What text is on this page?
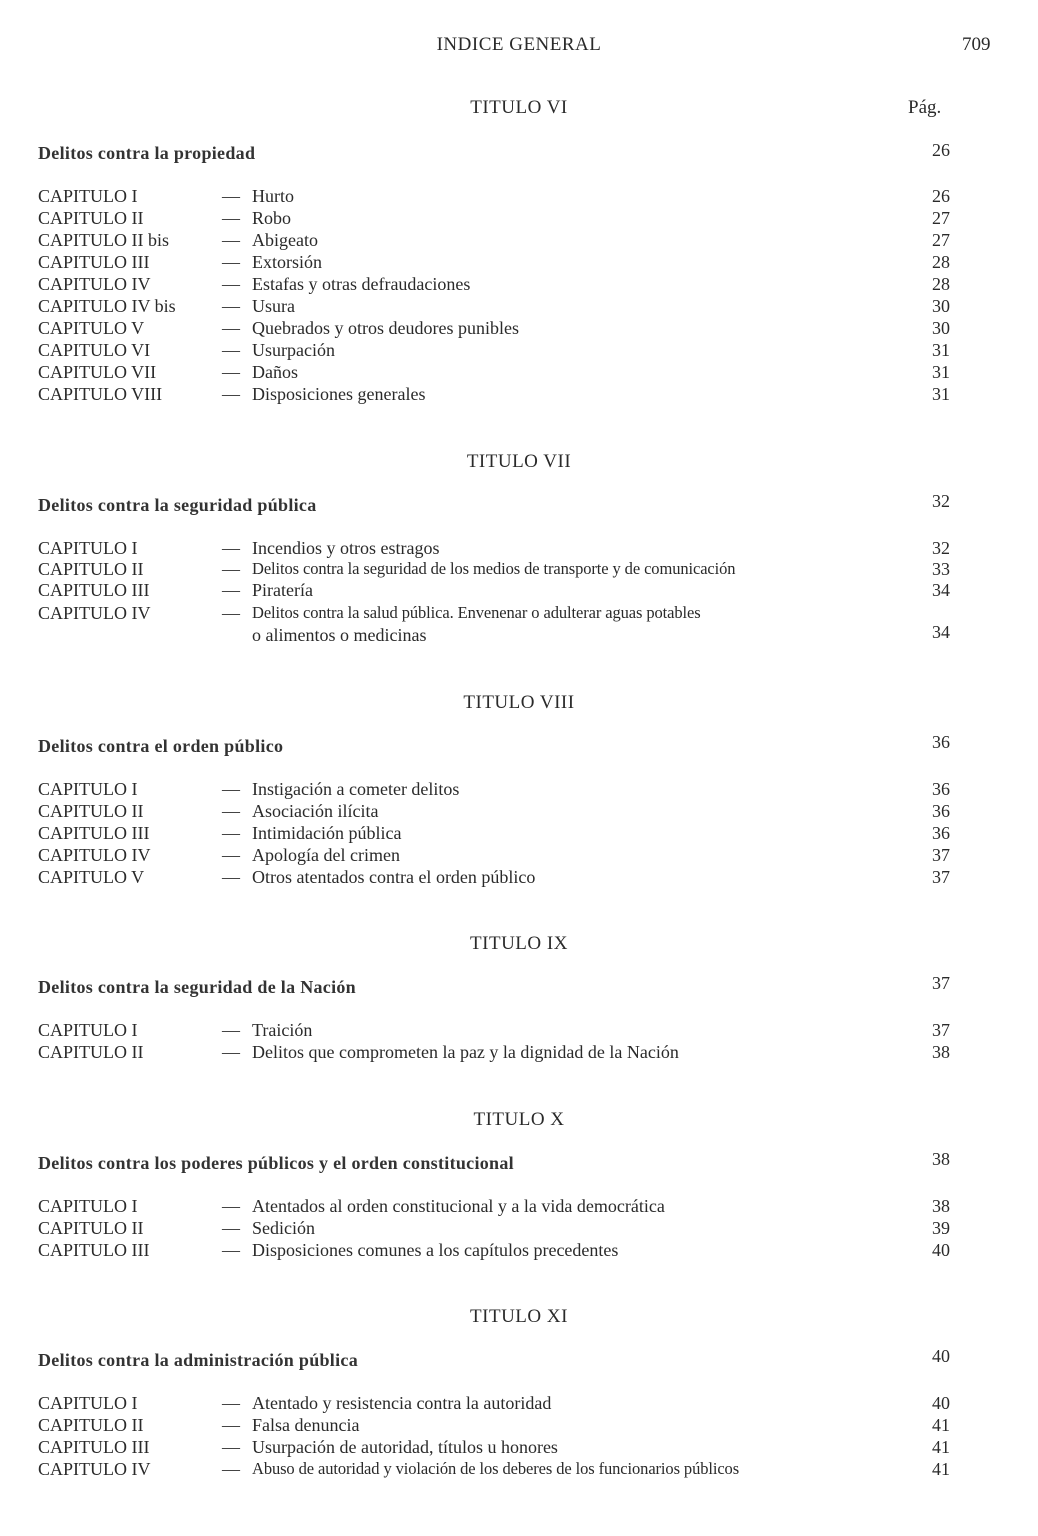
INDICE GENERAL	709
Pág.
TITULO VI
Delitos contra la propiedad	26
CAPITULO I	— Hurto	26
CAPITULO II	— Robo	27
CAPITULO II bis	— Abigeato	27
CAPITULO III	— Extorsión	28
CAPITULO IV	— Estafas y otras defraudaciones	28
CAPITULO IV bis	— Usura	30
CAPITULO V	— Quebrados y otros deudores punibles	30
CAPITULO VI	— Usurpación	31
CAPITULO VII	— Daños	31
CAPITULO VIII	— Disposiciones generales	31
TITULO VII
Delitos contra la seguridad pública	32
CAPITULO I	— Incendios y otros estragos	32
CAPITULO II	— Delitos contra la seguridad de los medios de transporte y de comunicación	33
CAPITULO III	— Piratería	34
CAPITULO IV	— Delitos contra la salud pública. Envenenar o adulterar aguas potables
o alimentos o medicinas	34
TITULO VIII
Delitos contra el orden público	36
CAPITULO I	— Instigación a cometer delitos	36
CAPITULO II	— Asociación ilícita	36
CAPITULO III	— Intimidación pública	36
CAPITULO IV	— Apología del crimen	37
CAPITULO V	— Otros atentados contra el orden público	37
TITULO IX
Delitos contra la seguridad de la Nación	37
CAPITULO I	— Traición	37
CAPITULO II	— Delitos que comprometen la paz y la dignidad de la Nación	38
TITULO X
Delitos contra los poderes públicos y el orden constitucional	38
CAPITULO I	— Atentados al orden constitucional y a la vida democrática	38
CAPITULO II	— Sedición	39
CAPITULO III	— Disposiciones comunes a los capítulos precedentes	40
TITULO XI
Delitos contra la administración pública	40
CAPITULO I	— Atentado y resistencia contra la autoridad	40
CAPITULO II	— Falsa denuncia	41
CAPITULO III	— Usurpación de autoridad, títulos u honores	41
CAPITULO IV	— Abuso de autoridad y violación de los deberes de los funcionarios públicos	41
